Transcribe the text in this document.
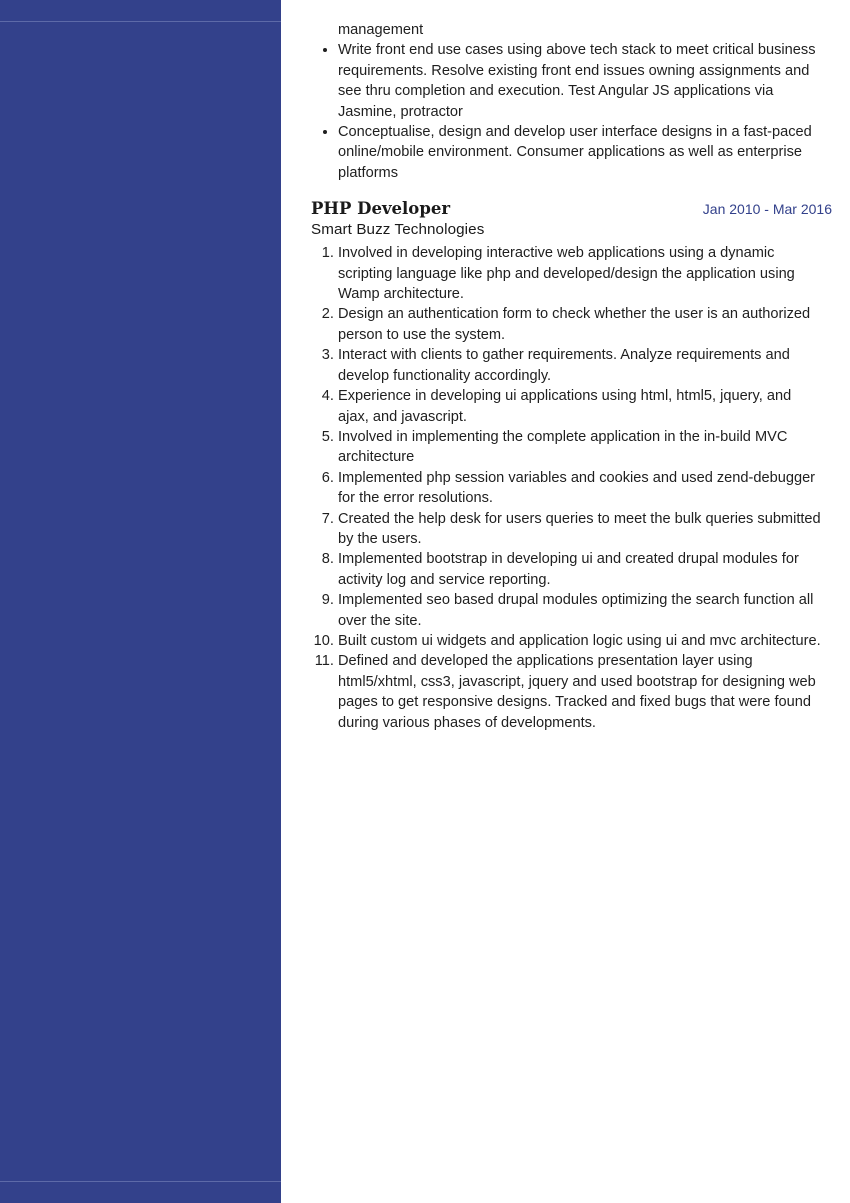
management

• Write front end use cases using above tech stack to meet critical business requirements. Resolve existing front end issues owning assignments and see thru completion and execution. Test Angular JS applications via Jasmine, protractor
• Conceptualise, design and develop user interface designs in a fast-paced online/mobile environment. Consumer applications as well as enterprise platforms
PHP Developer	Jan 2010 - Mar 2016
Smart Buzz Technologies
1. Involved in developing interactive web applications using a dynamic scripting language like php and developed/design the application using Wamp architecture.
2. Design an authentication form to check whether the user is an authorized person to use the system.
3. Interact with clients to gather requirements. Analyze requirements and develop functionality accordingly.
4. Experience in developing ui applications using html, html5, jquery, and ajax, and javascript.
5. Involved in implementing the complete application in the in-build MVC architecture
6. Implemented php session variables and cookies and used zend-debugger for the error resolutions.
7. Created the help desk for users queries to meet the bulk queries submitted by the users.
8. Implemented bootstrap in developing ui and created drupal modules for activity log and service reporting.
9. Implemented seo based drupal modules optimizing the search function all over the site.
10. Built custom ui widgets and application logic using ui and mvc architecture.
11. Defined and developed the applications presentation layer using html5/xhtml, css3, javascript, jquery and used bootstrap for designing web pages to get responsive designs. Tracked and fixed bugs that were found during various phases of developments.
